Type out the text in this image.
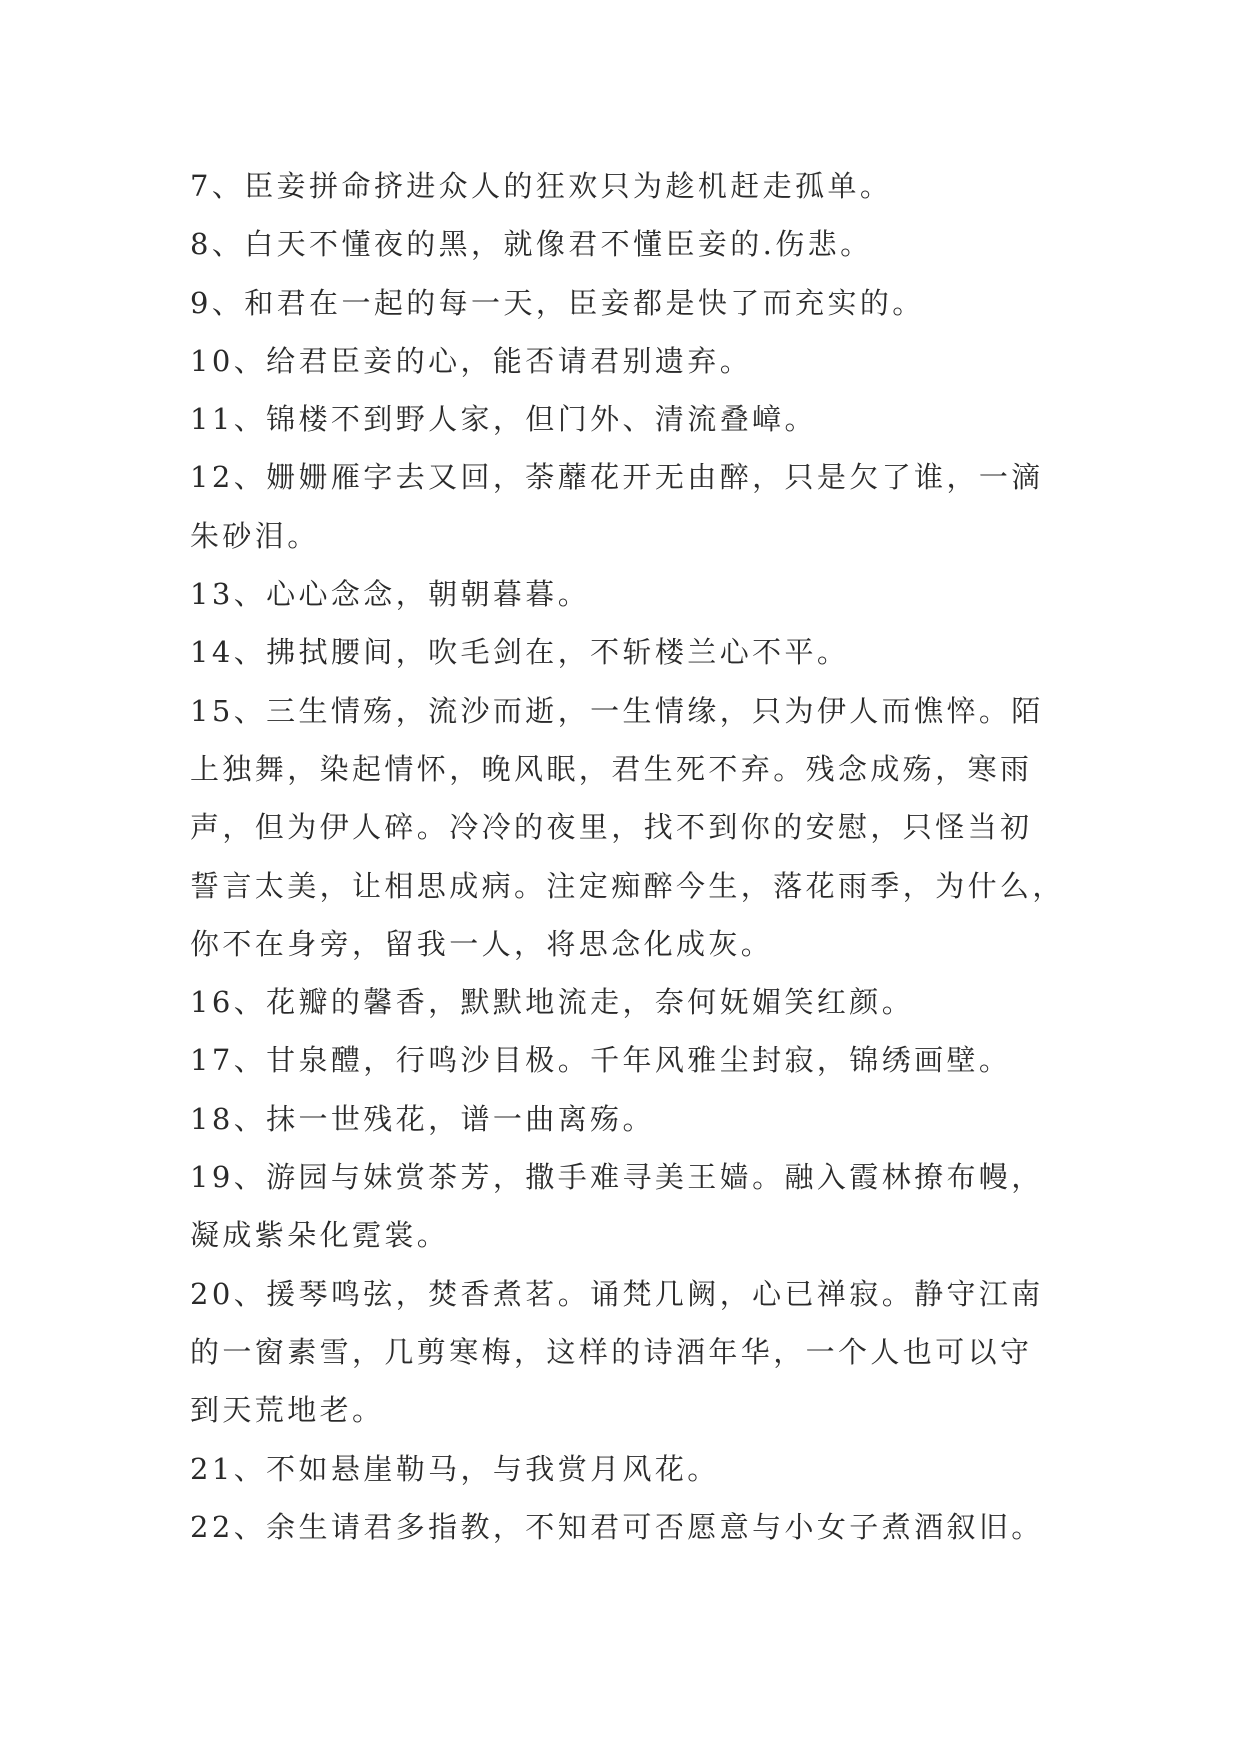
7、臣妾拼命挤进众人的狂欢只为趁机赶走孤单。

8、白天不懂夜的黑，就像君不懂臣妾的.伤悲。

9、和君在一起的每一天，臣妾都是快了而充实的。

10、给君臣妾的心，能否请君别遗弃。

11、锦楼不到野人家，但门外、清流叠嶂。

12、姗姗雁字去又回，荼蘼花开无由醉，只是欠了谁，一滴

朱砂泪。

13、心心念念，朝朝暮暮。

14、拂拭腰间，吹毛剑在，不斩楼兰心不平。

15、三生情殇，流沙而逝，一生情缘，只为伊人而憔悴。陌

上独舞，染起情怀，晚风眠，君生死不弃。残念成殇，寒雨

声，但为伊人碎。冷冷的夜里，找不到你的安慰，只怪当初

誓言太美，让相思成病。注定痴醉今生，落花雨季，为什么，

你不在身旁，留我一人，将思念化成灰。

16、花瓣的馨香，默默地流走，奈何妩媚笑红颜。

17、甘泉醴，行鸣沙目极。千年风雅尘封寂，锦绣画壁。

18、抹一世残花，谱一曲离殇。

19、游园与妹赏茶芳，撒手难寻美王嫱。融入霞林撩布幔，

凝成紫朵化霓裳。

20、援琴鸣弦，焚香煮茗。诵梵几阙，心已禅寂。静守江南

的一窗素雪，几剪寒梅，这样的诗酒年华，一个人也可以守

到天荒地老。

21、不如悬崖勒马，与我赏月风花。

22、余生请君多指教，不知君可否愿意与小女子煮酒叙旧。
